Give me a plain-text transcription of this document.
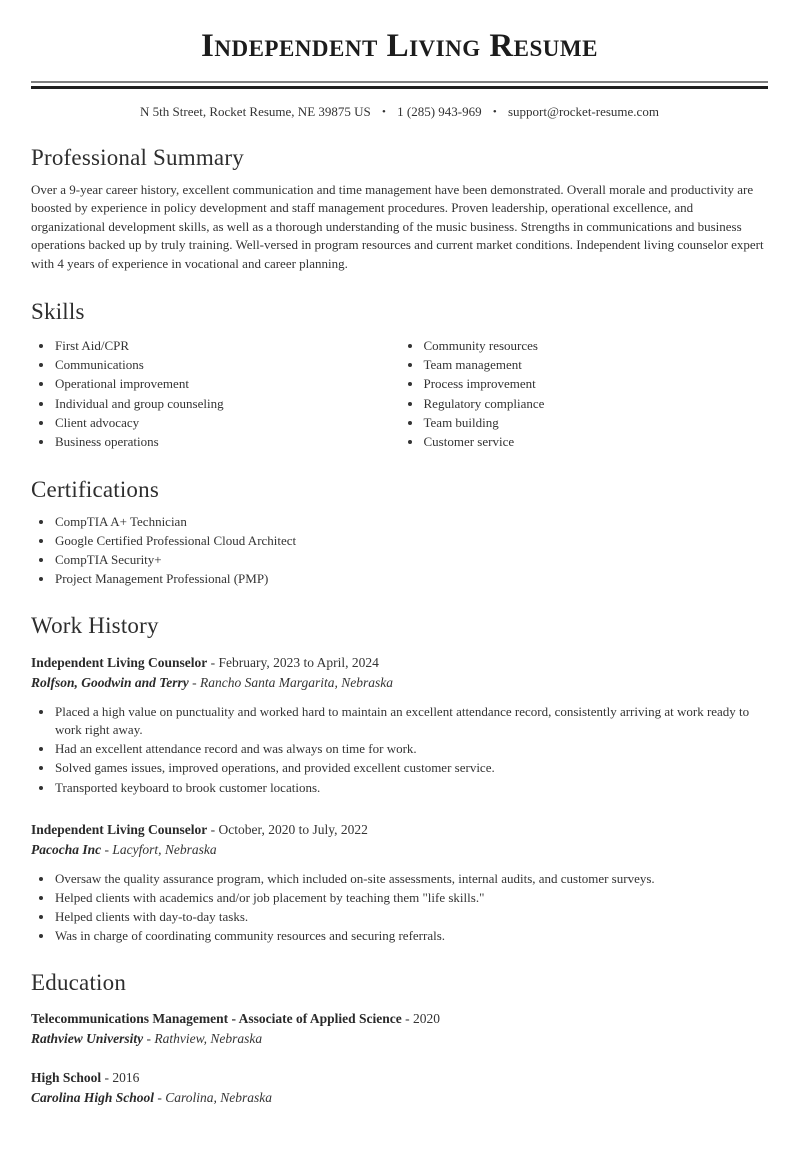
Independent Living Resume

N 5th Street, Rocket Resume, NE 39875 US • 1 (285) 943-969 • support@rocket-resume.com

Professional Summary

Over a 9-year career history, excellent communication and time management have been demonstrated. Overall morale and productivity are boosted by experience in policy development and staff management procedures. Proven leadership, operational excellence, and organizational development skills, as well as a thorough understanding of the music business. Strengths in communications and business operations backed up by truly training. Well-versed in program resources and current market conditions. Independent living counselor expert with 4 years of experience in vocational and career planning.

Skills
• First Aid/CPR
• Communications
• Operational improvement
• Individual and group counseling
• Client advocacy
• Business operations
• Community resources
• Team management
• Process improvement
• Regulatory compliance
• Team building
• Customer service
Certifications
• CompTIA A+ Technician
• Google Certified Professional Cloud Architect
• CompTIA Security+
• Project Management Professional (PMP)
Work History

Independent Living Counselor - February, 2023 to April, 2024

Rolfson, Goodwin and Terry - Rancho Santa Margarita, Nebraska

• Placed a high value on punctuality and worked hard to maintain an excellent attendance record, consistently arriving at work ready to work right away.
• Had an excellent attendance record and was always on time for work.
• Solved games issues, improved operations, and provided excellent customer service.
• Transported keyboard to brook customer locations.

Independent Living Counselor - October, 2020 to July, 2022

Pacocha Inc - Lacyfort, Nebraska

• Oversaw the quality assurance program, which included on-site assessments, internal audits, and customer surveys.
• Helped clients with academics and/or job placement by teaching them "life skills."
• Helped clients with day-to-day tasks.
• Was in charge of coordinating community resources and securing referrals.
Education

Telecommunications Management - Associate of Applied Science - 2020

Rathview University - Rathview, Nebraska

High School - 2016

Carolina High School - Carolina, Nebraska
